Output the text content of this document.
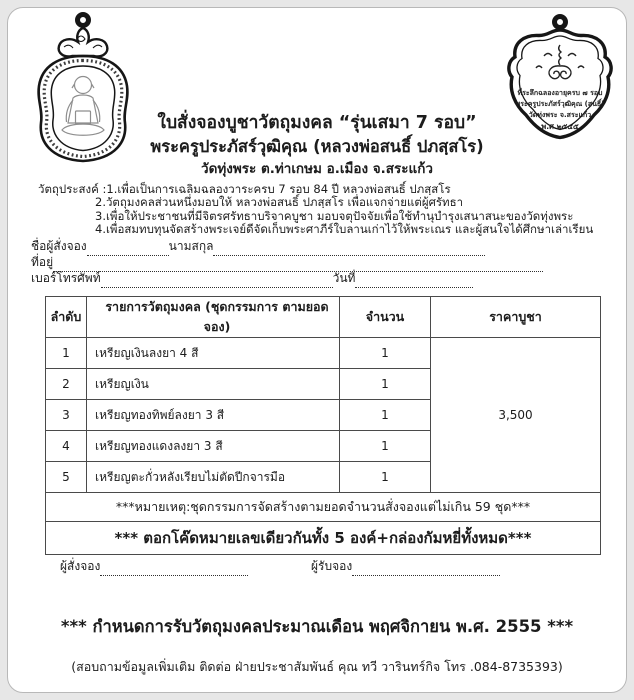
ที่ระลึกฉลองอายุครบ ๗ รอบ
พระครูประภัสร์วุฒิคุณ (สนธิ์)
วัดทุ่งพระ จ.สระแก้ว
พ.ศ.๒๕๕๕
ใบสั่งจองบูชาวัตถุมงคล “รุ่นเสมา 7 รอบ”
พระครูประภัสร์วุฒิคุณ (หลวงพ่อสนธิ์ ปภสฺสโร)
วัดทุ่งพระ ต.ท่าเกษม อ.เมือง จ.สระแก้ว
วัตถุประสงค์ :1.เพื่อเป็นการเฉลิมฉลองวาระครบ 7 รอบ 84 ปี หลวงพ่อสนธิ์ ปภสฺสโร
2.วัตถุมงคลส่วนหนึ่งมอบให้ หลวงพ่อสนธิ์ ปภสฺสโร เพื่อแจกจ่ายแต่ผู้ศรัทธา
3.เพื่อให้ประชาชนที่มีจิตรศรัทธาบริจาคบูชา มอบจตุปัจจัยเพื่อใช้ทำนุบำรุงเสนาสนะของวัดทุ่งพระ
4.เพื่อสมทบทุนจัดสร้างพระเจย์ดีจัดเก็บพระศาภีร์ใบลานเก่าไว้ให้พระเณร และผู้สนใจได้ศึกษาเล่าเรียน
ชื่อผู้สั่งจอง	นามสกุล
ที่อยู่
เบอร์โทรศัพท์	วันที่
ลำดับ	รายการวัตถุมงคล (ชุดกรรมการ ตามยอดจอง)	จำนวน	ราคาบูชา
1	เหรียญเงินลงยา 4 สี	1	3,500
2	เหรียญเงิน	1	
3	เหรียญทองทิพย์ลงยา 3 สี	1	
4	เหรียญทองแดงลงยา 3 สี	1	
5	เหรียญตะกั่วหลังเรียบไม่ตัดปีกจารมือ	1	
***หมายเหตุ:ชุดกรรมการจัดสร้างตามยอดจำนวนสั่งจองแต่ไม่เกิน 59 ชุด***			
*** ตอกโค๊ดหมายเลขเดียวกันทั้ง 5 องค์+กล่องกัมหยี่ทั้งหมด***			
ผู้สั่งจอง	ผู้รับจอง
*** กำหนดการรับวัตถุมงคลประมาณเดือน พฤศจิกายน พ.ศ. 2555 ***
(สอบถามข้อมูลเพิ่มเติม ติดต่อ ฝ่ายประชาสัมพันธ์ คุณ ทวี วารินทร์กิจ โทร .084-8735393)
